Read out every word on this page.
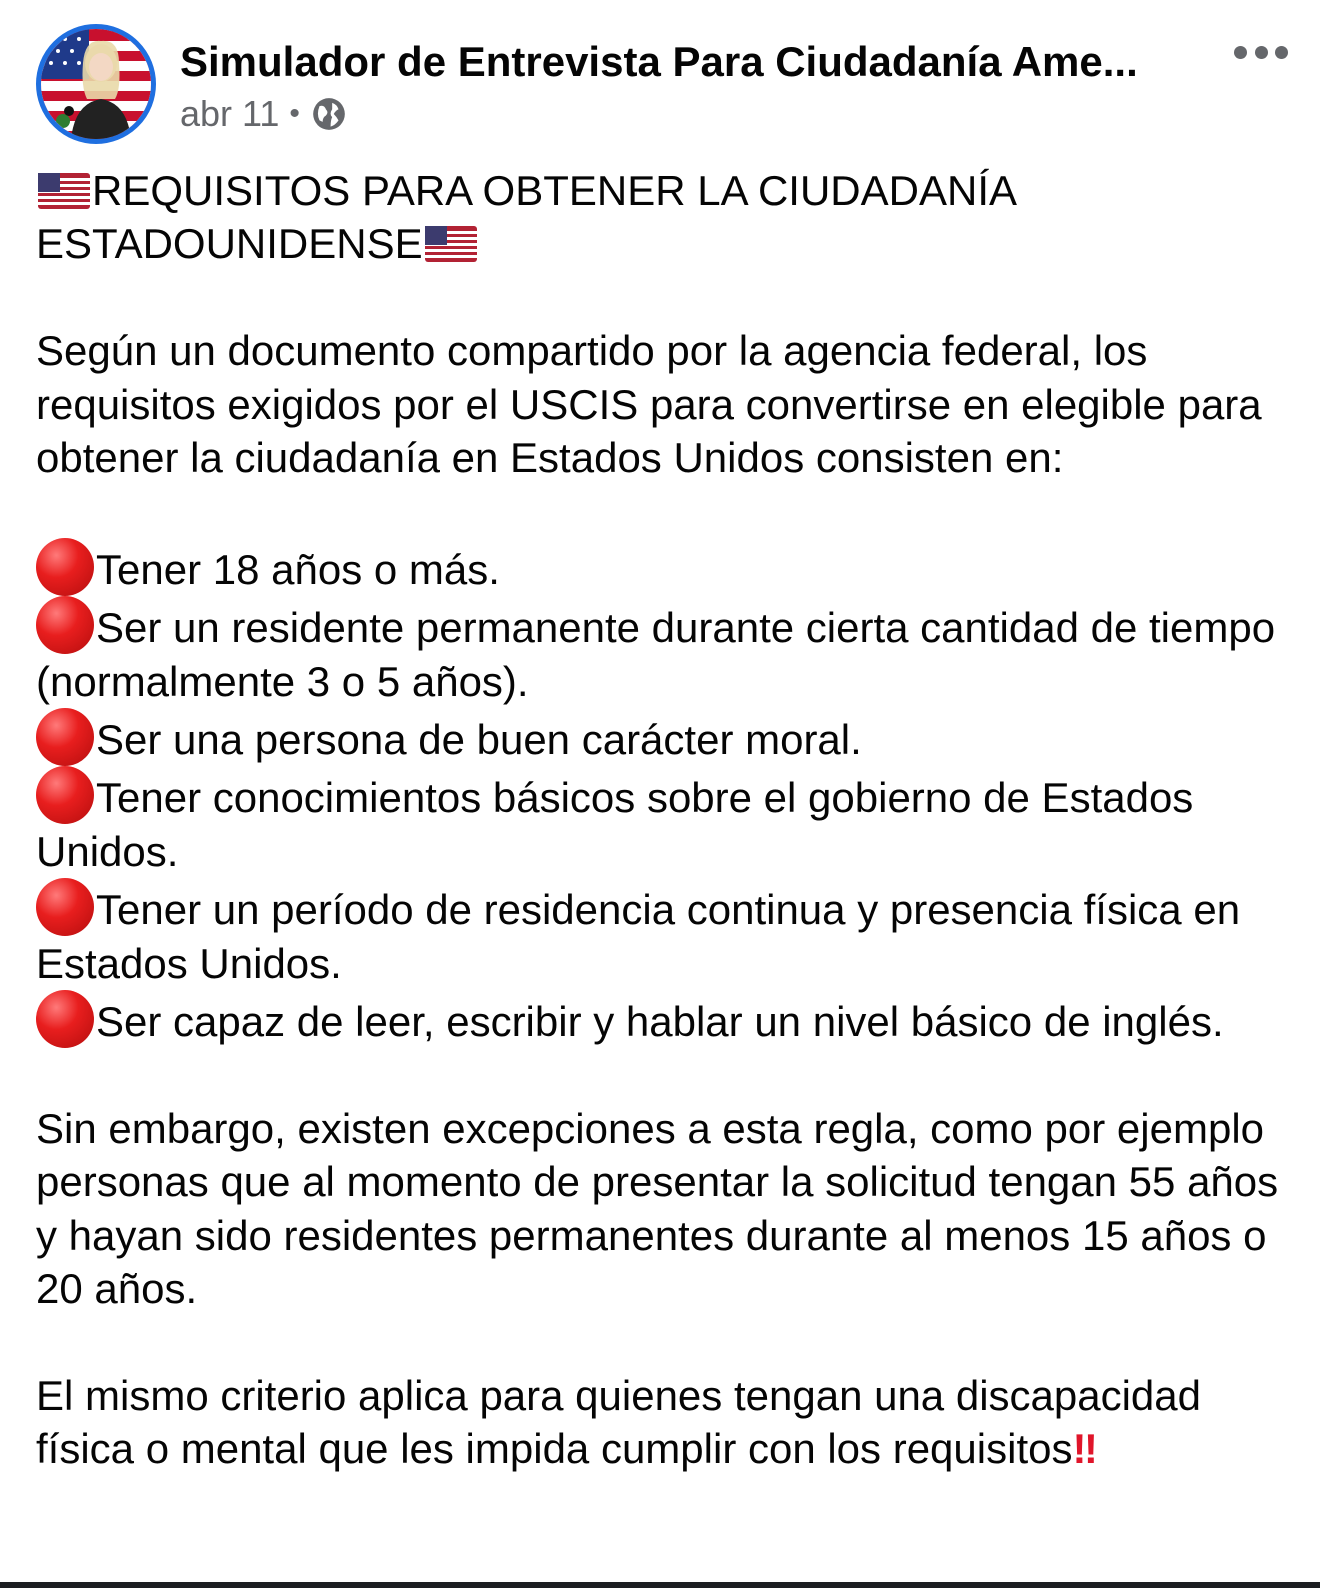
Simulador de Entrevista Para Ciudadanía Ame...
abr 11 •

REQUISITOS PARA OBTENER LA CIUDADANÍA
ESTADOUNIDENSE

Según un documento compartido por la agencia federal, los requisitos exigidos por el USCIS para convertirse en elegible para obtener la ciudadanía en Estados Unidos consisten en:

Tener 18 años o más.

Ser un residente permanente durante cierta cantidad de tiempo (normalmente 3 o 5 años).

Ser una persona de buen carácter moral.

Tener conocimientos básicos sobre el gobierno de Estados Unidos.

Tener un período de residencia continua y presencia física en Estados Unidos.

Ser capaz de leer, escribir y hablar un nivel básico de inglés.

Sin embargo, existen excepciones a esta regla, como por ejemplo personas que al momento de presentar la solicitud tengan 55 años y hayan sido residentes permanentes durante al menos 15 años o 20 años.

El mismo criterio aplica para quienes tengan una discapacidad física o mental que les impida cumplir con los requisitos‼
